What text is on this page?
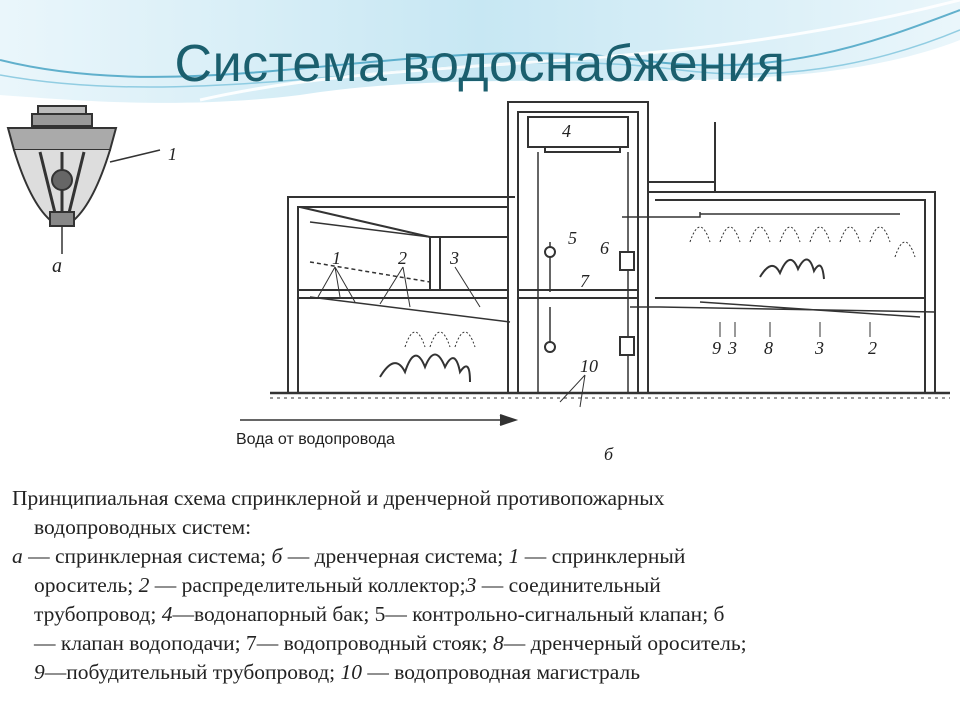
Система водоснабжения
1
а
4
1	2 3
5 6
7
10
9 3 8 3 2
Вода от водопровода
б
Принципиальная схема спринклерной и дренчерной противопожарных
водопроводных систем:
а — спринклерная система; б — дренчерная система; 1 — спринклерный
ороситель; 2 — распределительный коллектор;3 — соединительный
трубопровод; 4—водонапорный бак; 5— контрольно-сигнальный клапан; б
— клапан водоподачи; 7— водопроводный стояк; 8— дренчерный ороситель;
9—побудительный трубопровод; 10 — водопроводная магистраль
